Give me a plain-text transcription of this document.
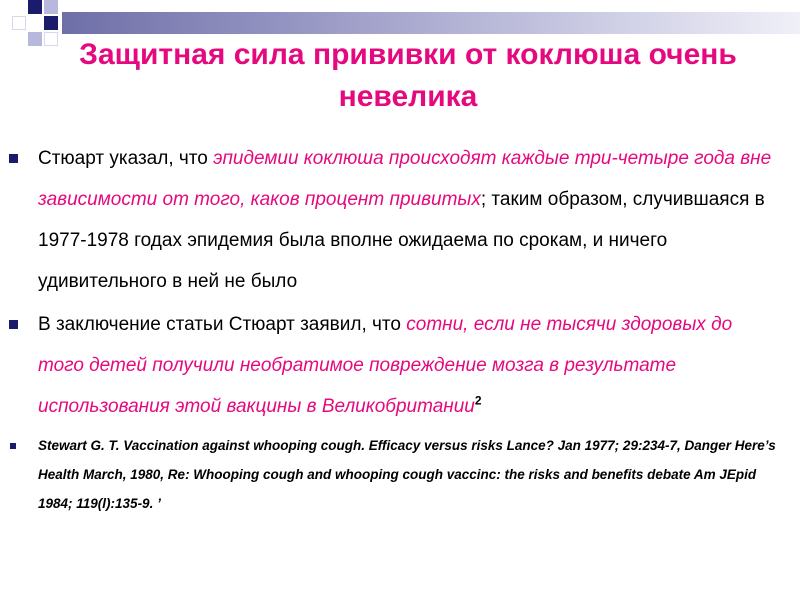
Защитная сила прививки от коклюша очень невелика
Стюарт указал, что эпидемии коклюша происходят каждые три-четыре года вне зависимости от того, каков процент привитых; таким образом, случившаяся в 1977-1978 годах эпидемия была вполне ожидаема по срокам, и ничего удивительного в ней не было
В заключение статьи Стюарт заявил, что сотни, если не тысячи здоровых до того детей получили необратимое повреждение мозга в результате использования этой вакцины в Великобритании$^2$
Stewart G. T. Vaccination against whooping cough. Efficacy versus risks Lance? Jan 1977; 29:234-7, Danger Here’s Health March, 1980, Re: Whooping cough and whooping cough vaccinc: the risks and benefits debate Am JEpid 1984; 119(l):135-9. ’
